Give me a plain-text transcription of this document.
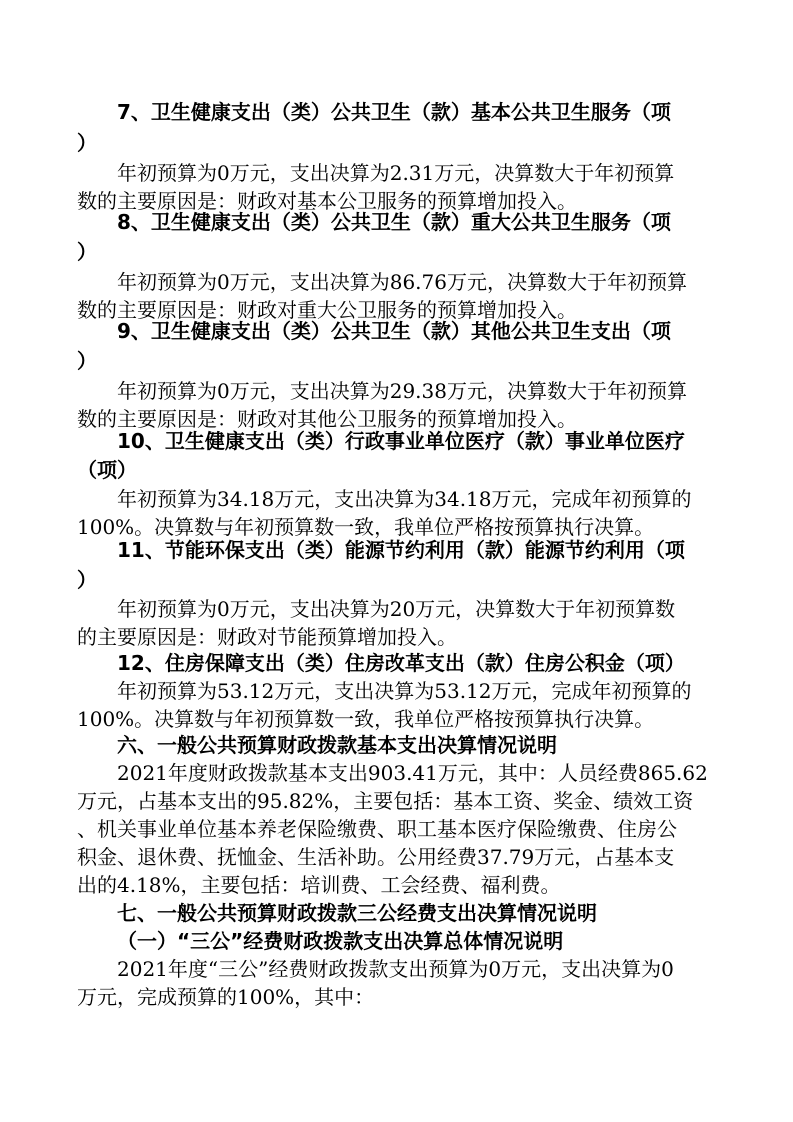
7、卫生健康支出（类）公共卫生（款）基本公共卫生服务（项
）
年初预算为0万元，支出决算为2.31万元，决算数大于年初预算
数的主要原因是：财政对基本公卫服务的预算增加投入。
8、卫生健康支出（类）公共卫生（款）重大公共卫生服务（项
）
年初预算为0万元，支出决算为86.76万元，决算数大于年初预算
数的主要原因是：财政对重大公卫服务的预算增加投入。
9、卫生健康支出（类）公共卫生（款）其他公共卫生支出（项
）
年初预算为0万元，支出决算为29.38万元，决算数大于年初预算
数的主要原因是：财政对其他公卫服务的预算增加投入。
10、卫生健康支出（类）行政事业单位医疗（款）事业单位医疗
（项）
年初预算为34.18万元，支出决算为34.18万元，完成年初预算的
100%。决算数与年初预算数一致，我单位严格按预算执行决算。
11、节能环保支出（类）能源节约利用（款）能源节约利用（项
）
年初预算为0万元，支出决算为20万元，决算数大于年初预算数
的主要原因是：财政对节能预算增加投入。
12、住房保障支出（类）住房改革支出（款）住房公积金（项）
年初预算为53.12万元，支出决算为53.12万元，完成年初预算的
100%。决算数与年初预算数一致，我单位严格按预算执行决算。
六、一般公共预算财政拨款基本支出决算情况说明
2021年度财政拨款基本支出903.41万元，其中：人员经费865.62
万元，占基本支出的95.82%，主要包括：基本工资、奖金、绩效工资
、机关事业单位基本养老保险缴费、职工基本医疗保险缴费、住房公
积金、退休费、抚恤金、生活补助。公用经费37.79万元，占基本支
出的4.18%，主要包括：培训费、工会经费、福利费。
七、一般公共预算财政拨款三公经费支出决算情况说明
（一）“三公”经费财政拨款支出决算总体情况说明
2021年度“三公”经费财政拨款支出预算为0万元，支出决算为0
万元，完成预算的100%，其中：
